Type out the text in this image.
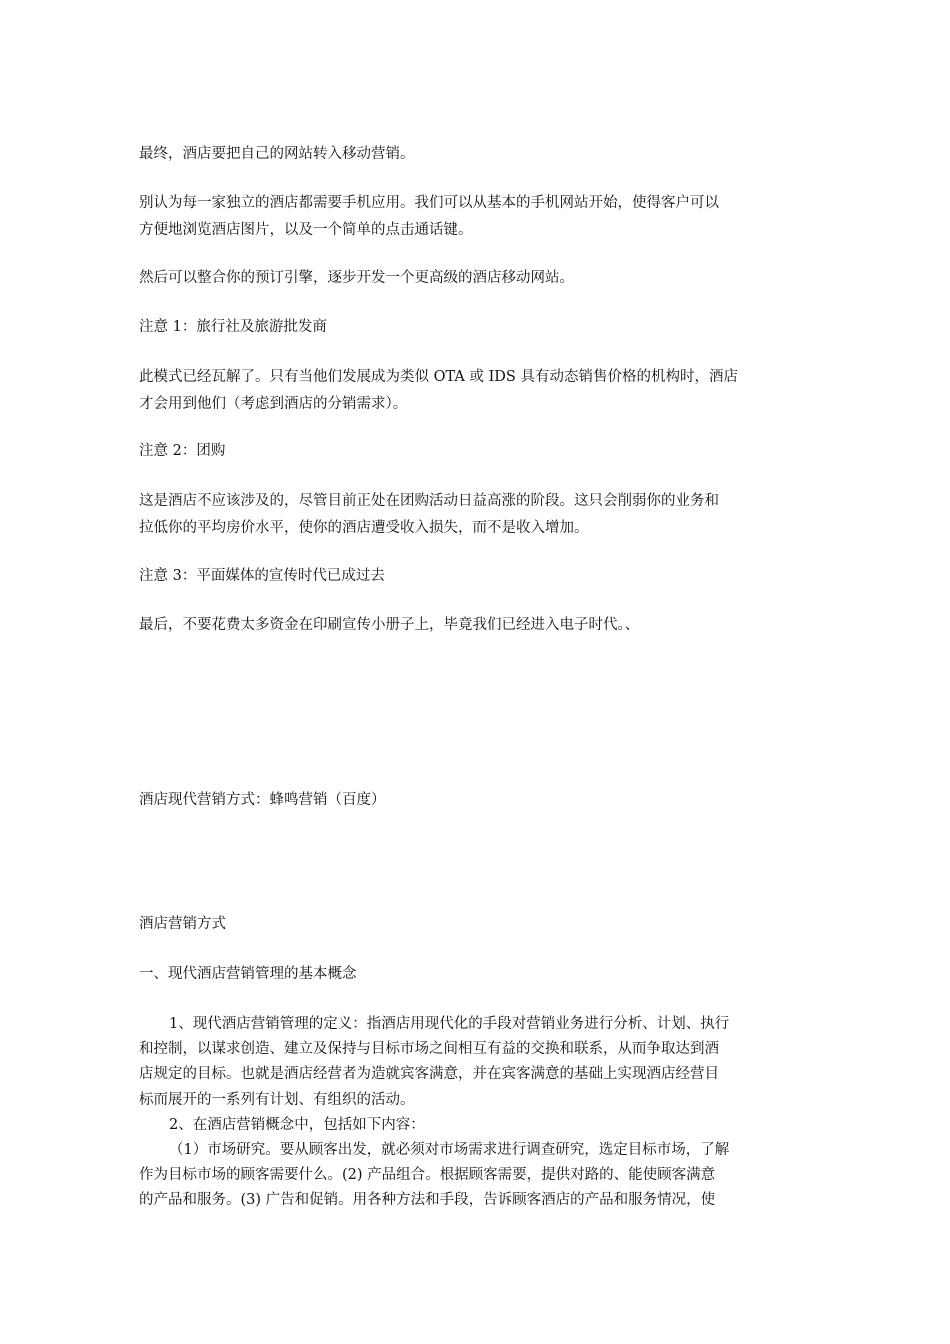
最终，酒店要把自己的网站转入移动营销。
别认为每一家独立的酒店都需要手机应用。我们可以从基本的手机网站开始，使得客户可以
方便地浏览酒店图片，以及一个简单的点击通话键。
然后可以整合你的预订引擎，逐步开发一个更高级的酒店移动网站。
注意 1：旅行社及旅游批发商
此模式已经瓦解了。只有当他们发展成为类似 OTA 或 IDS 具有动态销售价格的机构时，酒店
才会用到他们（考虑到酒店的分销需求）。
注意 2：团购
这是酒店不应该涉及的，尽管目前正处在团购活动日益高涨的阶段。这只会削弱你的业务和
拉低你的平均房价水平，使你的酒店遭受收入损失，而不是收入增加。
注意 3：平面媒体的宣传时代已成过去
最后，不要花费太多资金在印刷宣传小册子上，毕竟我们已经进入电子时代。、
酒店现代营销方式：蜂鸣营销（百度）
酒店营销方式
一、现代酒店营销管理的基本概念
1、现代酒店营销管理的定义：指酒店用现代化的手段对营销业务进行分析、计划、执行
和控制，以谋求创造、建立及保持与目标市场之间相互有益的交换和联系，从而争取达到酒
店规定的目标。也就是酒店经营者为造就宾客满意，并在宾客满意的基础上实现酒店经营目
标而展开的一系列有计划、有组织的活动。
2、在酒店营销概念中，包括如下内容：
（1）市场研究。要从顾客出发，就必须对市场需求进行调查研究，选定目标市场，了解
作为目标市场的顾客需要什么。(2) 产品组合。根据顾客需要，提供对路的、能使顾客满意
的产品和服务。(3) 广告和促销。用各种方法和手段，告诉顾客酒店的产品和服务情况，使
